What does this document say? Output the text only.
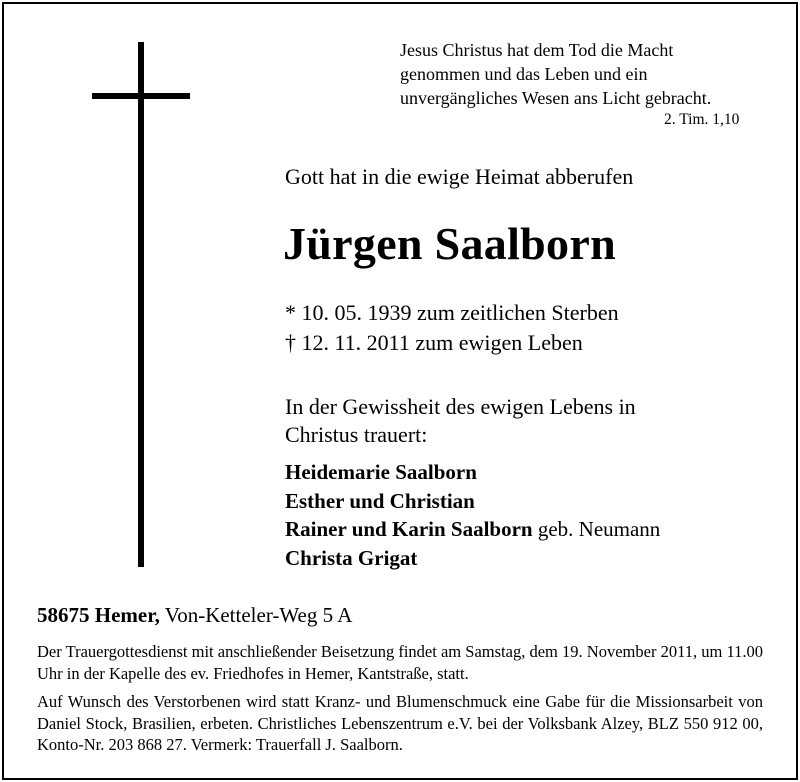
Jesus Christus hat dem Tod die Macht
genommen und das Leben und ein
unvergängliches Wesen ans Licht gebracht.
2. Tim. 1,10
Gott hat in die ewige Heimat abberufen
Jürgen Saalborn
* 10. 05. 1939 zum zeitlichen Sterben
† 12. 11. 2011 zum ewigen Leben
In der Gewissheit des ewigen Lebens in
Christus trauert:
Heidemarie Saalborn
Esther und Christian
Rainer und Karin Saalborn geb. Neumann
Christa Grigat
58675 Hemer, Von-Ketteler-Weg 5 A
Der Trauergottesdienst mit anschließender Beisetzung findet am Samstag, dem 19. November 2011, um 11.00 Uhr in der Kapelle des ev. Friedhofes in Hemer, Kantstraße, statt.
Auf Wunsch des Verstorbenen wird statt Kranz- und Blumenschmuck eine Gabe für die Missionsarbeit von Daniel Stock, Brasilien, erbeten. Christliches Lebenszentrum e.V. bei der Volksbank Alzey, BLZ 550 912 00, Konto-Nr. 203 868 27. Vermerk: Trauerfall J. Saalborn.
